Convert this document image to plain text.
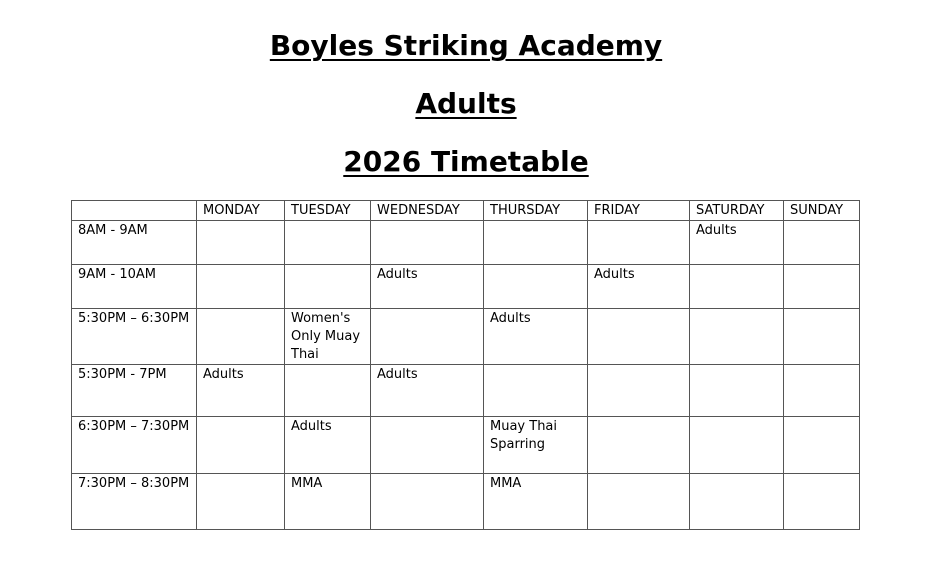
Boyles Striking Academy
Adults
2026 Timetable
	MONDAY	TUESDAY	WEDNESDAY	THURSDAY	FRIDAY	SATURDAY	SUNDAY
8AM - 9AM						Adults	
9AM - 10AM			Adults		Adults		
5:30PM – 6:30PM		Women's Only Muay Thai		Adults			
5:30PM - 7PM	Adults		Adults				
6:30PM – 7:30PM		Adults		Muay Thai Sparring			
7:30PM – 8:30PM		MMA		MMA			
